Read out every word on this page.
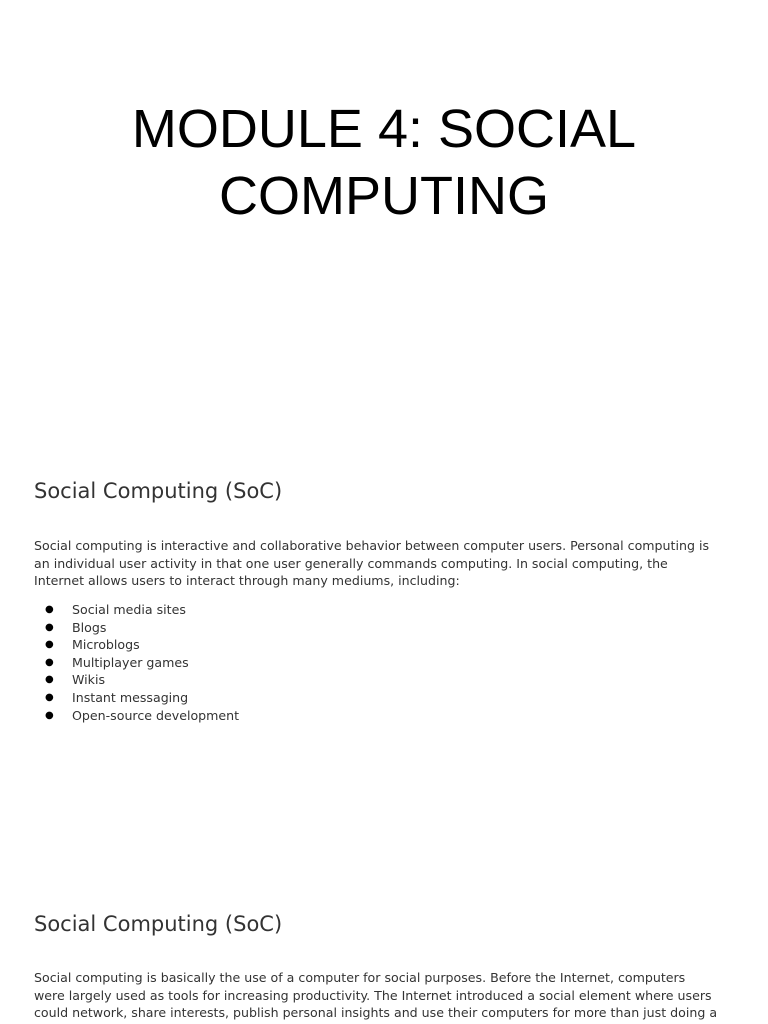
MODULE 4: SOCIAL
COMPUTING
Social Computing (SoC)

Social computing is interactive and collaborative behavior between computer users. Personal computing is
an individual user activity in that one user generally commands computing. In social computing, the
Internet allows users to interact through many mediums, including:

● Social media sites
● Blogs
● Microblogs
● Multiplayer games
● Wikis
● Instant messaging
● Open-source development
Social Computing (SoC)

Social computing is basically the use of a computer for social purposes. Before the Internet, computers
were largely used as tools for increasing productivity. The Internet introduced a social element where users
could network, share interests, publish personal insights and use their computers for more than just doing a
